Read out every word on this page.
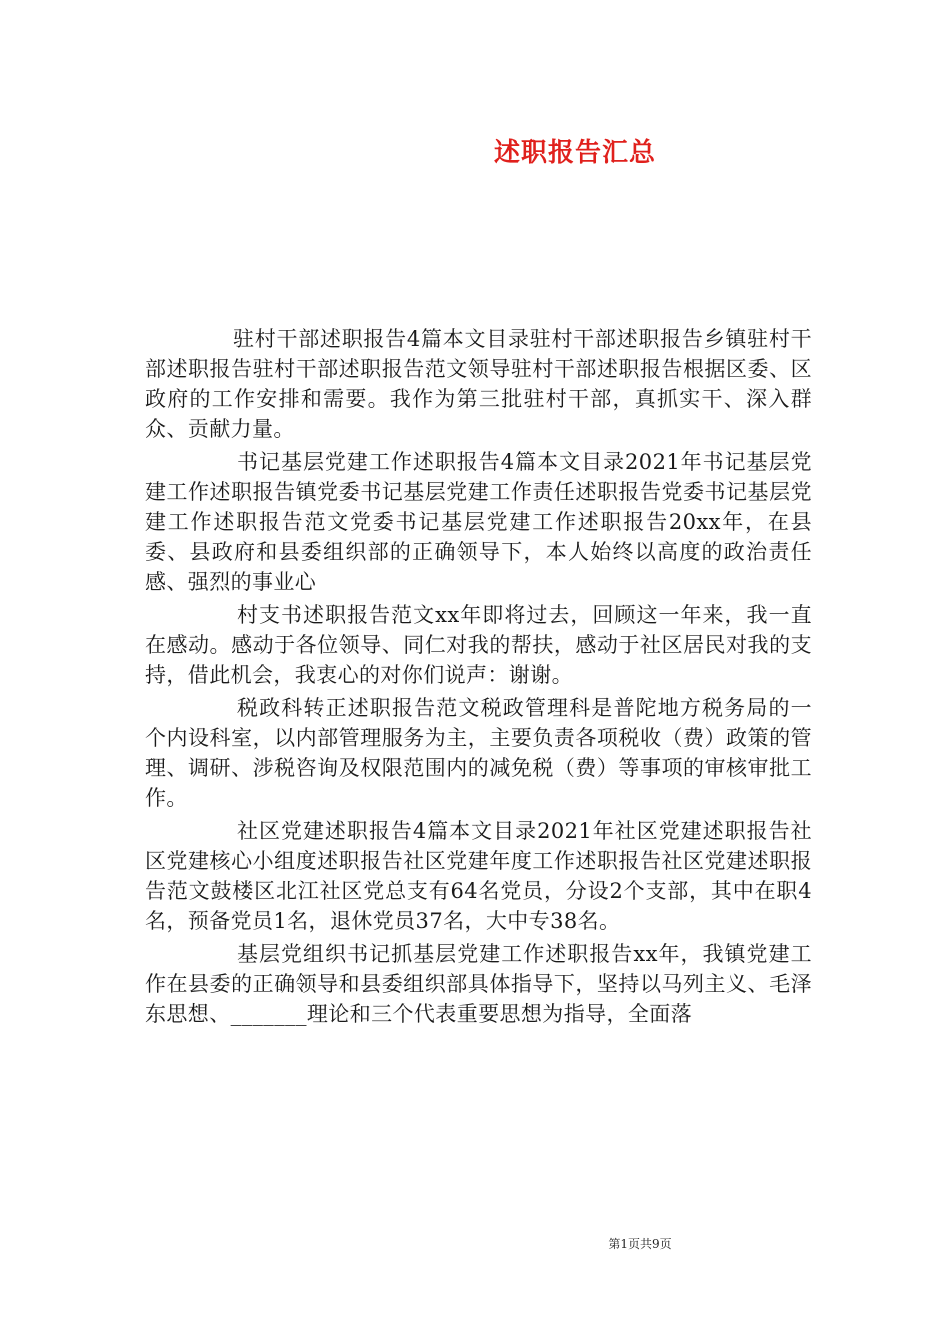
述职报告汇总

驻村干部述职报告4篇本文目录驻村干部述职报告乡镇驻村干部述职报告驻村干部述职报告范文领导驻村干部述职报告根据区委、区政府的工作安排和需要。我作为第三批驻村干部，真抓实干、深入群众、贡献力量。

书记基层党建工作述职报告4篇本文目录2021年书记基层党建工作述职报告镇党委书记基层党建工作责任述职报告党委书记基层党建工作述职报告范文党委书记基层党建工作述职报告20xx年，在县委、县政府和县委组织部的正确领导下，本人始终以高度的政治责任感、强烈的事业心

村支书述职报告范文xx年即将过去，回顾这一年来，我一直在感动。感动于各位领导、同仁对我的帮扶，感动于社区居民对我的支持，借此机会，我衷心的对你们说声：谢谢。

税政科转正述职报告范文税政管理科是普陀地方税务局的一个内设科室，以内部管理服务为主，主要负责各项税收（费）政策的管理、调研、涉税咨询及权限范围内的减免税（费）等事项的审核审批工作。

社区党建述职报告4篇本文目录2021年社区党建述职报告社区党建核心小组度述职报告社区党建年度工作述职报告社区党建述职报告范文鼓楼区北江社区党总支有64名党员，分设2个支部，其中在职4名，预备党员1名，退休党员37名，大中专38名。

基层党组织书记抓基层党建工作述职报告xx年，我镇党建工作在县委的正确领导和县委组织部具体指导下，坚持以马列主义、毛泽东思想、_______理论和三个代表重要思想为指导，全面落

第1页共9页
